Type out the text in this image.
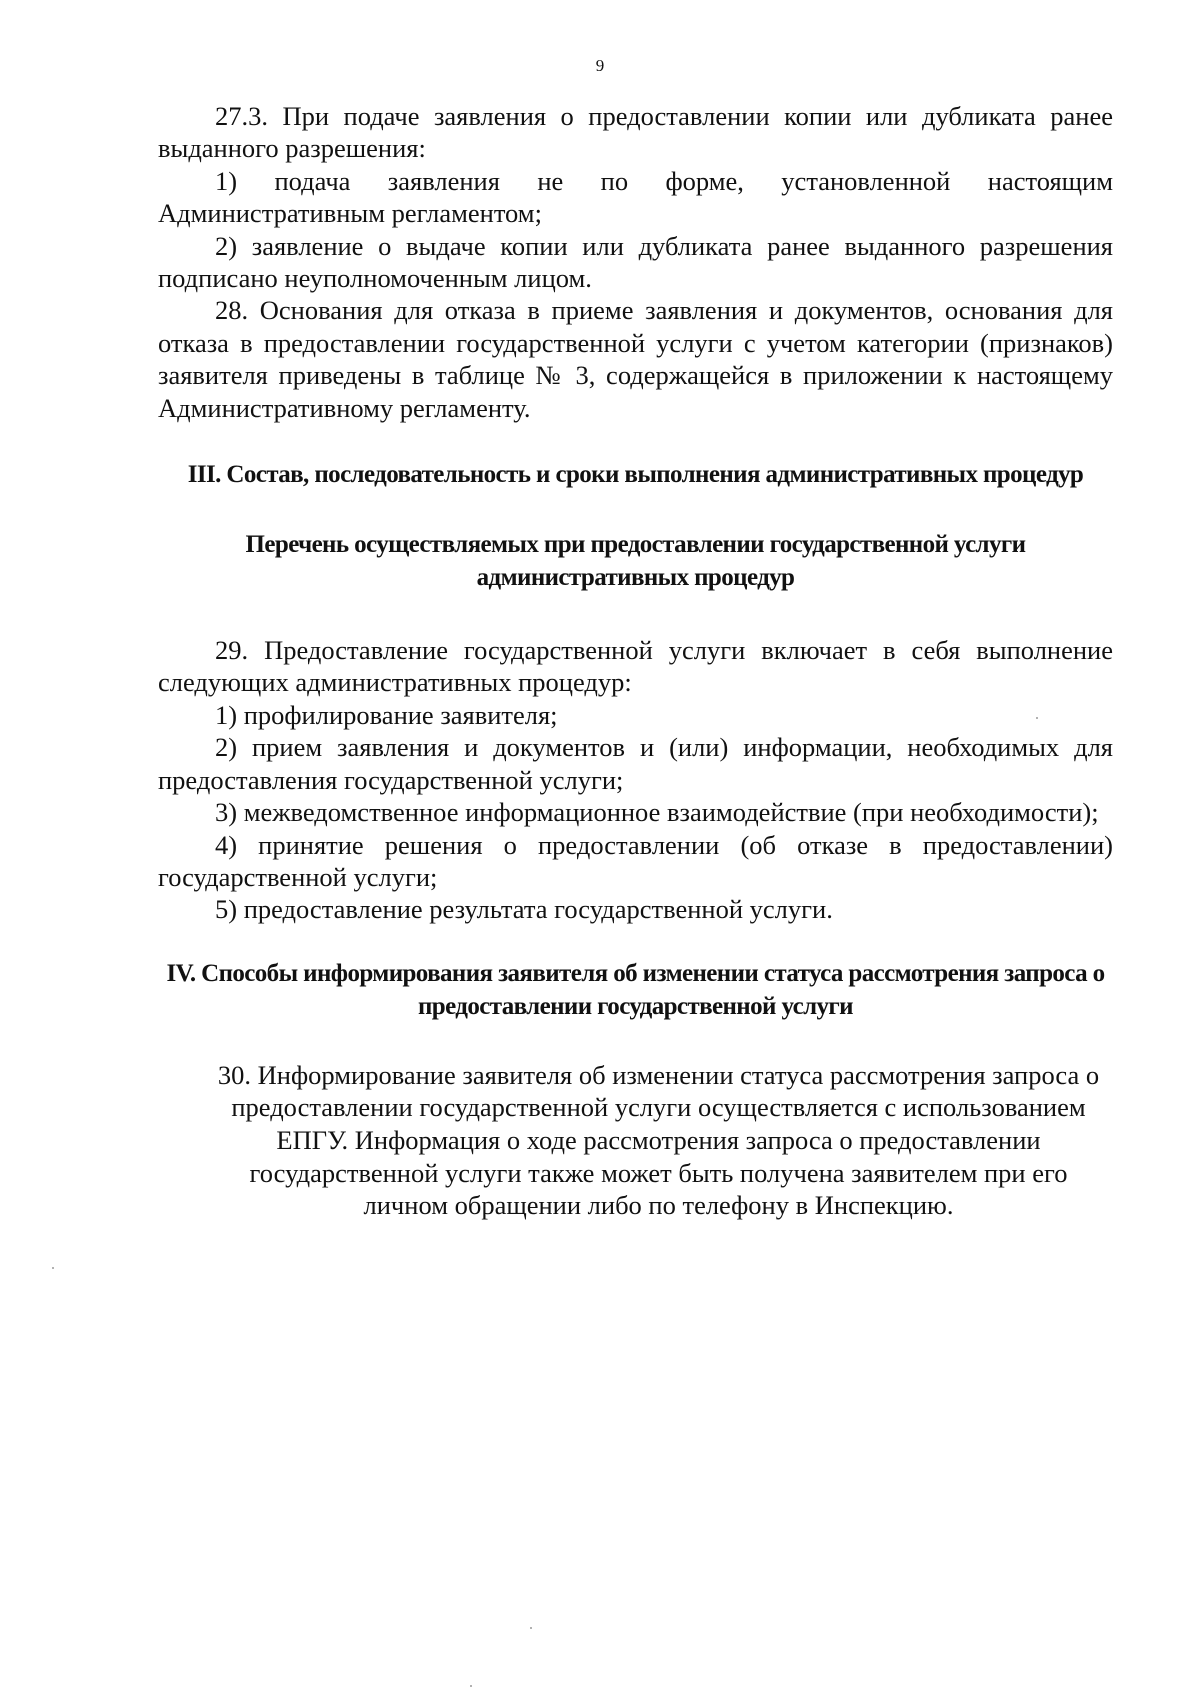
9

27.3. При подаче заявления о предоставлении копии или дубликата ранее выданного разрешения:

1) подача заявления не по форме, установленной настоящим Административным регламентом;

2) заявление о выдаче копии или дубликата ранее выданного разрешения подписано неуполномоченным лицом.

28. Основания для отказа в приеме заявления и документов, основания для отказа в предоставлении государственной услуги с учетом категории (признаков) заявителя приведены в таблице № 3, содержащейся в приложении к настоящему Административному регламенту.

III. Состав, последовательность и сроки выполнения административных процедур
Перечень осуществляемых при предоставлении государственной услуги административных процедур

29. Предоставление государственной услуги включает в себя выполнение следующих административных процедур:

1) профилирование заявителя;

2) прием заявления и документов и (или) информации, необходимых для предоставления государственной услуги;

3) межведомственное информационное взаимодействие (при необходимости);

4) принятие решения о предоставлении (об отказе в предоставлении) государственной услуги;

5) предоставление результата государственной услуги.

IV. Способы информирования заявителя об изменении статуса рассмотрения запроса о предоставлении государственной услуги
30. Информирование заявителя об изменении статуса рассмотрения запроса о предоставлении государственной услуги осуществляется с использованием ЕПГУ. Информация о ходе рассмотрения запроса о предоставлении государственной услуги также может быть получена заявителем при его личном обращении либо по телефону в Инспекцию.
